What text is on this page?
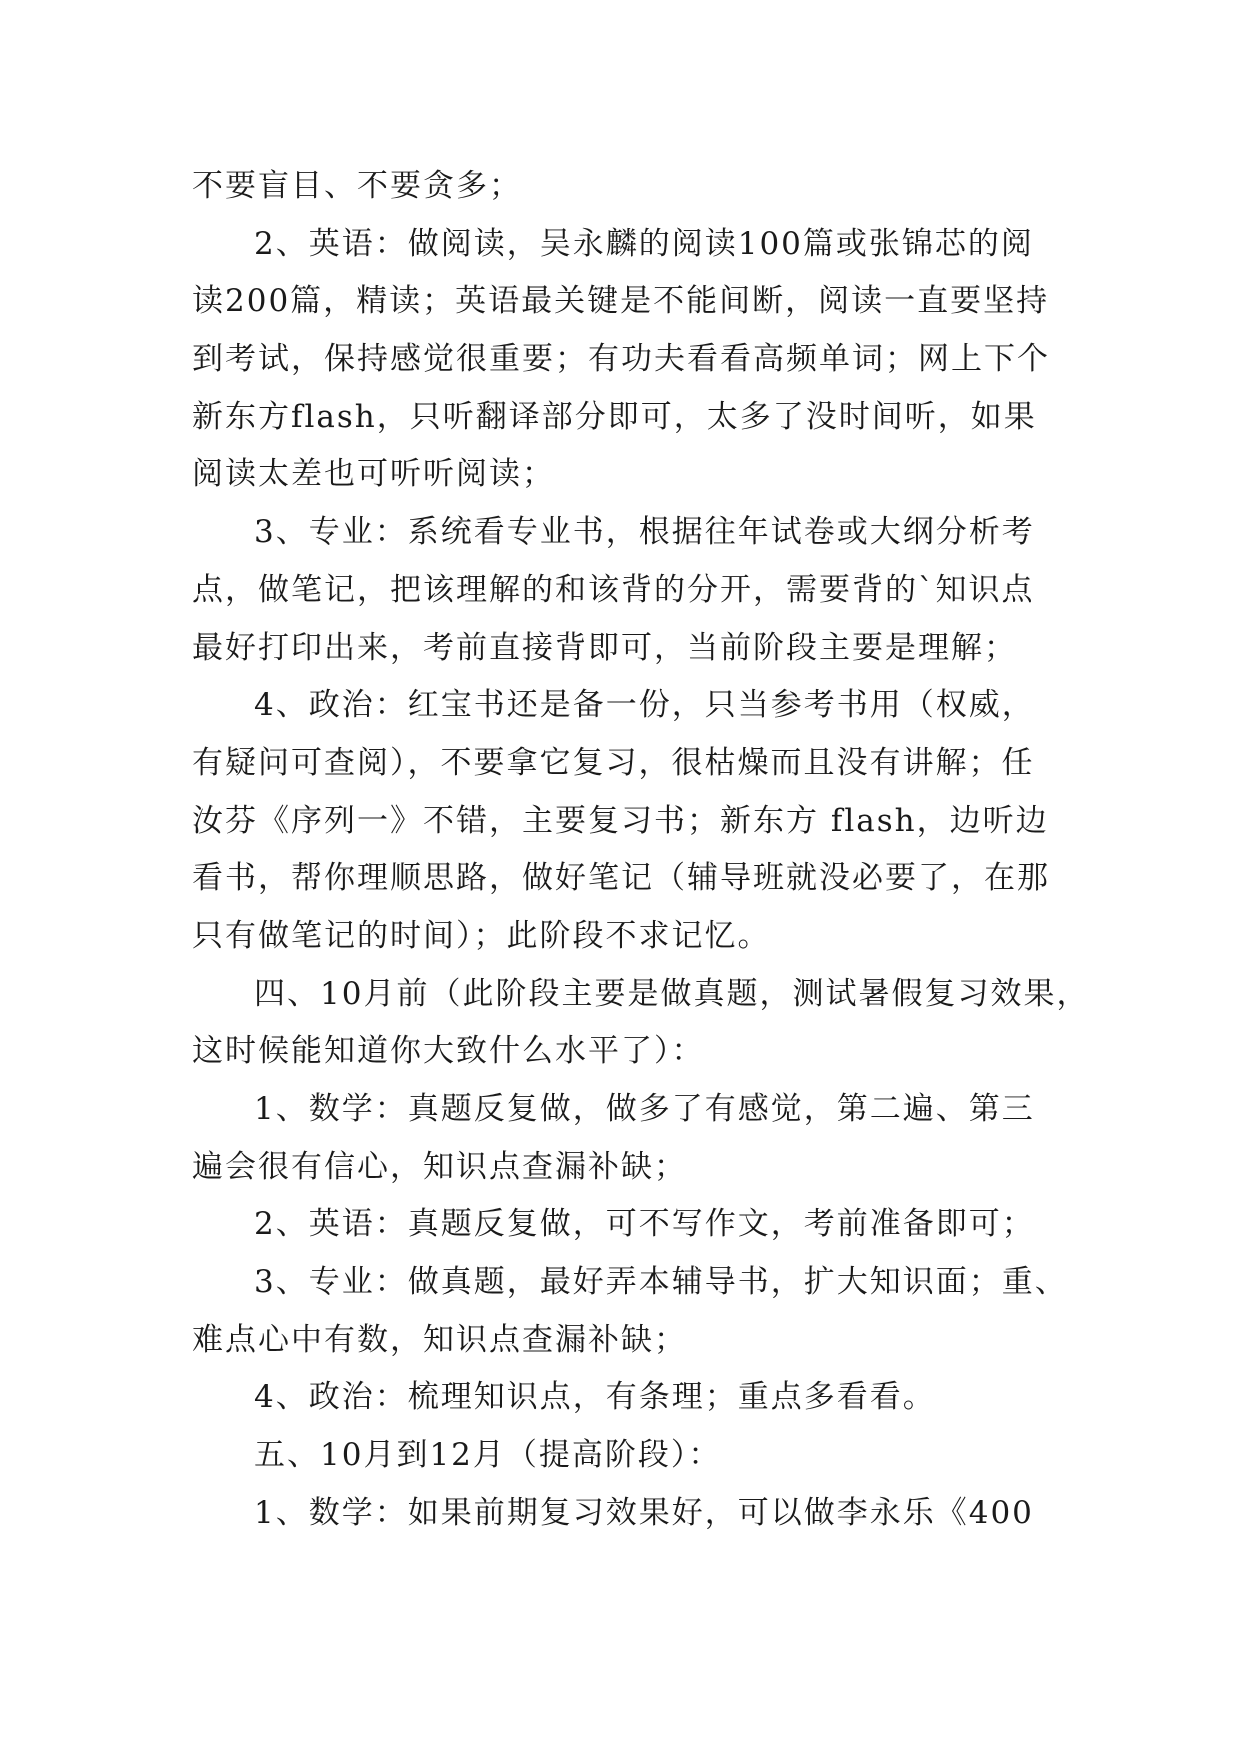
不要盲目、不要贪多；
2、英语：做阅读，吴永麟的阅读100篇或张锦芯的阅
读200篇，精读；英语最关键是不能间断，阅读一直要坚持
到考试，保持感觉很重要；有功夫看看高频单词；网上下个
新东方flash，只听翻译部分即可，太多了没时间听，如果
阅读太差也可听听阅读；
3、专业：系统看专业书，根据往年试卷或大纲分析考
点，做笔记，把该理解的和该背的分开，需要背的`知识点
最好打印出来，考前直接背即可，当前阶段主要是理解；
4、政治：红宝书还是备一份，只当参考书用（权威，
有疑问可查阅），不要拿它复习，很枯燥而且没有讲解；任
汝芬《序列一》不错，主要复习书；新东方 flash，边听边
看书，帮你理顺思路，做好笔记（辅导班就没必要了，在那
只有做笔记的时间）；此阶段不求记忆。
四、10月前（此阶段主要是做真题，测试暑假复习效果，
这时候能知道你大致什么水平了）：
1、数学：真题反复做，做多了有感觉，第二遍、第三
遍会很有信心，知识点查漏补缺；
2、英语：真题反复做，可不写作文，考前准备即可；
3、专业：做真题，最好弄本辅导书，扩大知识面；重、
难点心中有数，知识点查漏补缺；
4、政治：梳理知识点，有条理；重点多看看。
五、10月到12月（提高阶段）：
1、数学：如果前期复习效果好，可以做李永乐《400
